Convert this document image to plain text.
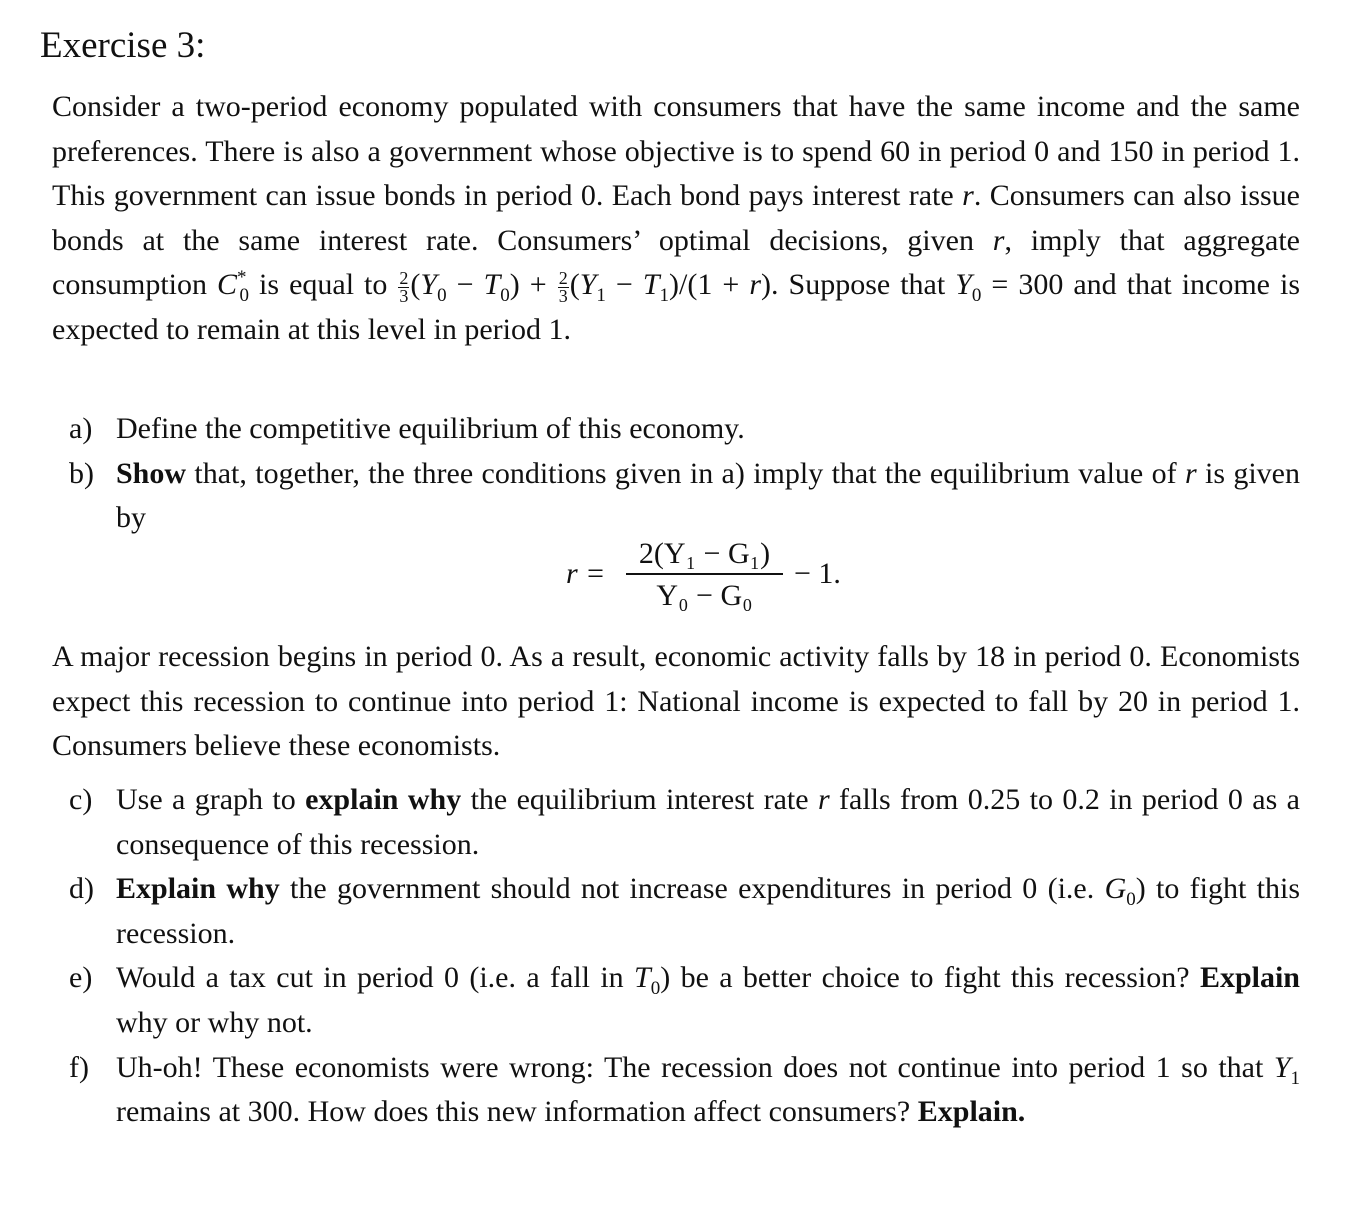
Exercise 3:
Consider a two-period economy populated with consumers that have the same income and the same preferences. There is also a government whose objective is to spend 60 in period 0 and 150 in period 1. This government can issue bonds in period 0. Each bond pays interest rate r. Consumers can also issue bonds at the same interest rate. Consumers’ optimal decisions, given r, imply that aggregate consumption $C^*_0$ is equal to $\frac{2}{3} (Y_0 - T_0) + \frac{2}{3} (Y_1 - T_1)/(1 + r)$. Suppose that $Y_0 = 300$ and that income is expected to remain at this level in period 1.
a) Define the competitive equilibrium of this economy.
b) Show that, together, the three conditions given in a) imply that the equilibrium value of r is given by
$r = \frac{\text{2(Y₁ − G₁)}}{\text{Y₀ − G₀}} - 1$.
A major recession begins in period 0. As a result, economic activity falls by 18 in period 0. Economists expect this recession to continue into period 1: National income is expected to fall by 20 in period 1. Consumers believe these economists.
c) Use a graph to explain why the equilibrium interest rate r falls from 0.25 to 0.2 in period 0 as a consequence of this recession.
d) Explain why the government should not increase expenditures in period 0 (i.e. $G_0$) to fight this recession.
e) Would a tax cut in period 0 (i.e. a fall in $T_0$) be a better choice to fight this recession? Explain why or why not.
f) Uh-oh! These economists were wrong: The recession does not continue into period 1 so that $Y_1$ remains at 300. How does this new information affect consumers? Explain.
